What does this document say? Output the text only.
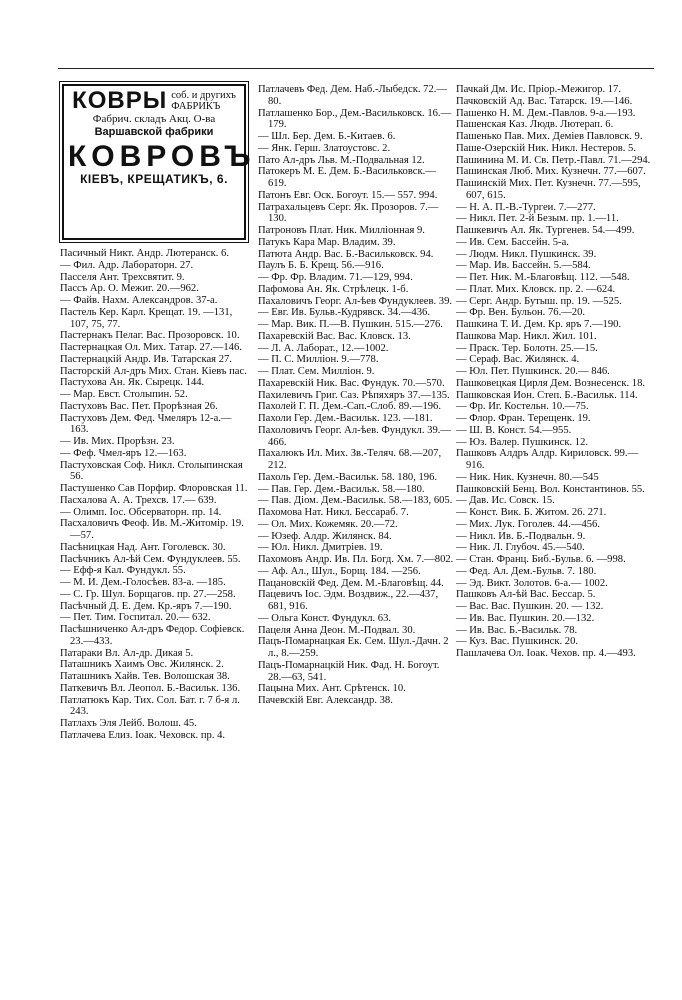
КОВРЫ соб. и другихъ
ФАБРИКЪ
Фабрич. складъ Акц. О-ва
Варшавской фабрики
КОВРОВЪ
КІЕВЪ, КРЕЩАТИКЪ, 6.
Пасичный Никт. Андр. Лютеранск. 6.
— Фил. Адр. Лабораторн. 27.
Пасселя Ант. Трехсвятит. 9.
Пассъ Ар. О. Межиг. 20.—962.
— Файв. Нахм. Александров. 37-а.
Пастель Кер. Карл. Крещат. 19. —131, 107, 75, 77.
Пастернакъ Пелаг. Вас. Прозоровск. 10.
Пастернацкая Ол. Мих. Татар. 27.—146.
Пастернацкій Андр. Ив. Татарская 27.
Пасторскій Ал-дръ Мих. Стан. Кіевъ пас.
Пастухова Ан. Як. Сырецк. 144.
— Мар. Евст. Столыпин. 52.
Пастуховъ Вас. Пет. Прорѣзная 26.
Пастуховъ Дем. Фед. Чмеляръ 12-а.—163.
— Ив. Мих. Прорѣзн. 23.
— Феф. Чмел-яръ 12.—163.
Пастуховская Соф. Никл. Столыпинская 56.
Пастушенко Сав Порфир. Флоровская 11.
Пасхалова А. А. Трехсв. 17.— 639.
— Олимп. Іос. Обсерваторн. пр. 14.
Пасхаловичъ Феоф. Ив. М.-Житомір. 19.—57.
Пасѣницкая Над. Ант. Гоголевск. 30.
Пасѣчникъ Ал-ѣй Сем. Фундуклеев. 55.
— Ефф-я Кал. Фундукл. 55.
— М. И. Дем.-Голосѣев. 83-а. —185.
— С. Гр. Шул. Борщагов. пр. 27.—258.
Пасѣчный Д. Е. Дем. Кр.-яръ 7.—190.
— Пет. Тим. Госпитал. 20.— 632.
Пасѣшниченко Ал-дръ Федор. Софіевск. 23.—433.
Патараки Вл. Ал-др. Дикая 5.
Паташникъ Хаимъ Овс. Жилянск. 2.
Паташникъ Хайв. Тев. Волошская 38.
Паткевичъ Вл. Леопол. Б.-Васильк. 136.
Патлатюкъ Кар. Тих. Сол. Бат. г. 7 б-я л. 243.
Патлахъ Эля Лейб. Волош. 45.
Патлачева Елиз. Іоак. Чеховск. пр. 4.
Патлачевъ Фед. Дем. Наб.-Лыбедск. 72.—80.
Патлашенко Бор., Дем.-Васильковск. 16.—179.
— Шл. Бер. Дем. Б.-Китаев. 6.
— Янк. Герш. Златоустовс. 2.
Пато Ал-дръ Льв. М.-Подвальная 12.
Патокеръ М. Е. Дем. Б.-Васильковск.—619.
Патонъ Евг. Оск. Богоут. 15.— 557. 994.
Патрахальцевъ Серг. Як. Прозоров. 7.—130.
Патроновъ Плат. Ник. Милліонная 9.
Патукъ Кара Мар. Владим. 39.
Патюта Андр. Вас. Б.-Васильковск. 94.
Паулъ Б. Б. Крещ. 56.—916.
— Фр. Фр. Владим. 71.—129, 994.
Пафомова Ан. Як. Стрѣлецк. 1-б.
Пахаловичъ Георг. Ал-ѣев Фундуклеев. 39.
— Евг. Ив. Бульв.-Кудрявск. 34.—436.
— Мар. Вик. П.—В. Пушкин. 515.—276.
Пахаревскій Вас. Вас. Кловск. 13.
— Л. А. Лаборат., 12.—1002.
— П. С. Милліон. 9.—778.
— Плат. Сем. Милліон. 9.
Пахаревскій Ник. Вас. Фундук. 70.—570.
Пахилевичъ Григ. Саз. Рѣпяхяръ 37.—135.
Пахолей Г. П. Дем.-Сап.-Слоб. 89.—196.
Пахоли Гер. Дем.-Васильк. 123. —181.
Пахоловичъ Георг. Ал-ѣев. Фундукл. 39.—466.
Пахалюкъ Ил. Мих. Зв.-Теляч. 68.—207, 212.
Пахоль Гер. Дем.-Васильк. 58. 180, 196.
— Пав. Гер. Дем.-Васильк. 58.—180.
— Пав. Діом. Дем.-Васильк. 58.—183, 605.
Пахомова Нат. Никл. Бессараб. 7.
— Ол. Мих. Кожемяк. 20.—72.
— Юзеф. Алдр. Жилянск. 84.
— Юл. Никл. Дмитріев. 19.
Пахомовъ Андр. Ив. Пл. Богд. Хм. 7.—802.
— Аф. Ал., Шул., Борщ. 184. —256.
Пацановскій Фед. Дем. М.-Благовѣщ. 44.
Пацевичъ Іос. Эдм. Воздвиж., 22.—437, 681, 916.
— Ольга Конст. Фундукл. 63.
Пацеля Анна Деон. М.-Подвал. 30.
Пацъ-Помарнацкая Ек. Сем. Шул.-Дачн. 2 л., 8.—259.
Пацъ-Помарнацкій Ник. Фад. Н. Богоут. 28.—63, 541.
Пацына Мих. Ант. Срѣтенск. 10.
Пачевскій Евг. Александр. 38.
Пачкай Дм. Ис. Пріор.-Межигор. 17.
Пачковскій Ад. Вас. Татарск. 19.—146.
Пашенко Н. М. Дем.-Павлов. 9-а.—193.
Пашенская Каз. Людв. Лютерап. 6.
Пашенько Пав. Мих. Деміев Павловск. 9.
Паше-Озерскій Ник. Никл. Нестеров. 5.
Пашинина М. И. Св. Петр.-Павл. 71.—294.
Пашинская Люб. Мих. Кузнечн. 77.—607.
Пашинскій Мих. Пет. Кузнечн. 77.—595, 607, 615.
— Н. А. П.-В.-Тургеи. 7.—277.
— Никл. Пет. 2-й Безым. пр. 1.—11.
Пашкевичъ Ал. Як. Тургенев. 54.—499.
— Ив. Сем. Бассейн. 5-а.
— Людм. Никл. Пушкинск. 39.
— Мар. Ив. Бассейн. 5.—584.
— Пет. Ник. М.-Благовѣщ. 112. —548.
— Плат. Мих. Кловск. пр. 2. —624.
— Серг. Андр. Бутыш. пр. 19. —525.
— Фр. Вен. Бульон. 76.—20.
Пашкина Т. И. Дем. Кр. яръ 7.—190.
Пашкова Мар. Никл. Жил. 101.
— Праск. Тер. Болотн. 25.—15.
— Сераф. Вас. Жилянск. 4.
— Юл. Пет. Пушкинск. 20.— 846.
Пашковецкая Цирля Дем. Вознесенск. 18.
Пашковская Ион. Степ. Б.-Васильк. 114.
— Фр. Иг. Костельн. 10.—75.
— Флор. Фран. Терещенк. 19.
— Ш. В. Конст. 54.—955.
— Юз. Валер. Пушкинск. 12.
Пашковъ Алдръ Алдр. Кириловск. 99.—916.
— Ник. Ник. Кузнечн. 80.—545
Пашковскій Бенц. Вол. Константинов. 55.
— Дав. Ис. Совск. 15.
— Конст. Вик. Б. Житом. 26. 271.
— Мих. Лук. Гоголев. 44.—456.
— Никл. Ив. Б.-Подвальн. 9.
— Ник. Л. Глубоч. 45.—540.
— Стан. Франц. Биб.-Бульв. 6. —998.
— Фед. Ал. Дем.-Бульв. 7. 180.
— Эд. Викт. Золотов. 6-а.— 1002.
Пашковъ Ал-ѣй Вас. Бессар. 5.
— Вас. Вас. Пушкин. 20. — 132.
— Ив. Вас. Пушкин. 20.—132.
— Ив. Вас. Б.-Васильк. 78.
— Куз. Вас. Пушкинск. 20.
Пашлачева Ол. Іоак. Чехов. пр. 4.—493.
